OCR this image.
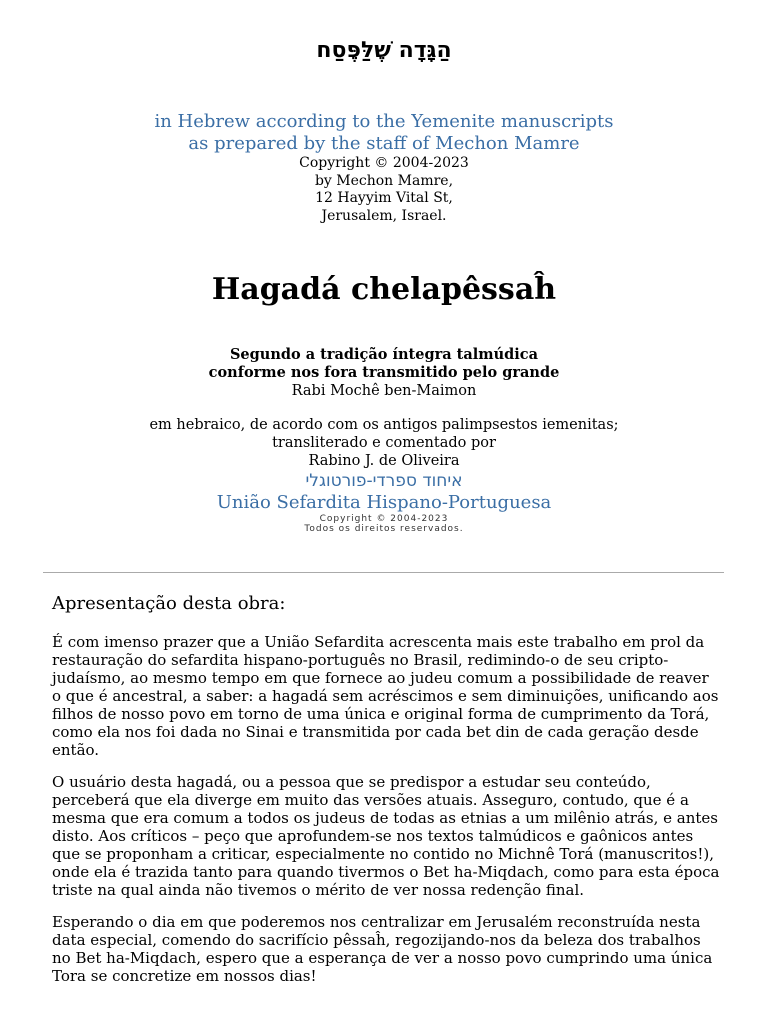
הַגָּדָה שֶׁלַּפֶּסַח
in Hebrew according to the Yemenite manuscripts
as prepared by the staff of Mechon Mamre
Copyright © 2004-2023
by Mechon Mamre,
12 Hayyim Vital St,
Jerusalem, Israel.
Hagadá chelapêssaĥ
Segundo a tradição íntegra talmúdica
conforme nos fora transmitido pelo grande
Rabi Mochê ben-Maimon
em hebraico, de acordo com os antigos palimpsestos iemenitas;
transliterado e comentado por
Rabino J. de Oliveira
איחוד ספרדי-פורטוגלי
União Sefardita Hispano-Portuguesa
Copyright © 2004-2023
Todos os direitos reservados.
Apresentação desta obra:

É com imenso prazer que a União Sefardita acrescenta mais este trabalho em prol da restauração do sefardita hispano-português no Brasil, redimindo-o de seu cripto-judaísmo, ao mesmo tempo em que fornece ao judeu comum a possibilidade de reaver o que é ancestral, a saber: a hagadá sem acréscimos e sem diminuições, unificando aos filhos de nosso povo em torno de uma única e original forma de cumprimento da Torá, como ela nos foi dada no Sinai e transmitida por cada bet din de cada geração desde então.

O usuário desta hagadá, ou a pessoa que se predispor a estudar seu conteúdo, perceberá que ela diverge em muito das versões atuais. Asseguro, contudo, que é a mesma que era comum a todos os judeus de todas as etnias a um milênio atrás, e antes disto. Aos críticos – peço que aprofundem-se nos textos talmúdicos e gaônicos antes que se proponham a criticar, especialmente no contido no Michnê Torá (manuscritos!), onde ela é trazida tanto para quando tivermos o Bet ha-Miqdach, como para esta época triste na qual ainda não tivemos o mérito de ver nossa redenção final.

Esperando o dia em que poderemos nos centralizar em Jerusalém reconstruída nesta data especial, comendo do sacrifício pêssaĥ, regozijando-nos da beleza dos trabalhos no Bet ha-Miqdach, espero que a esperança de ver a nosso povo cumprindo uma única Tora se concretize em nossos dias!
